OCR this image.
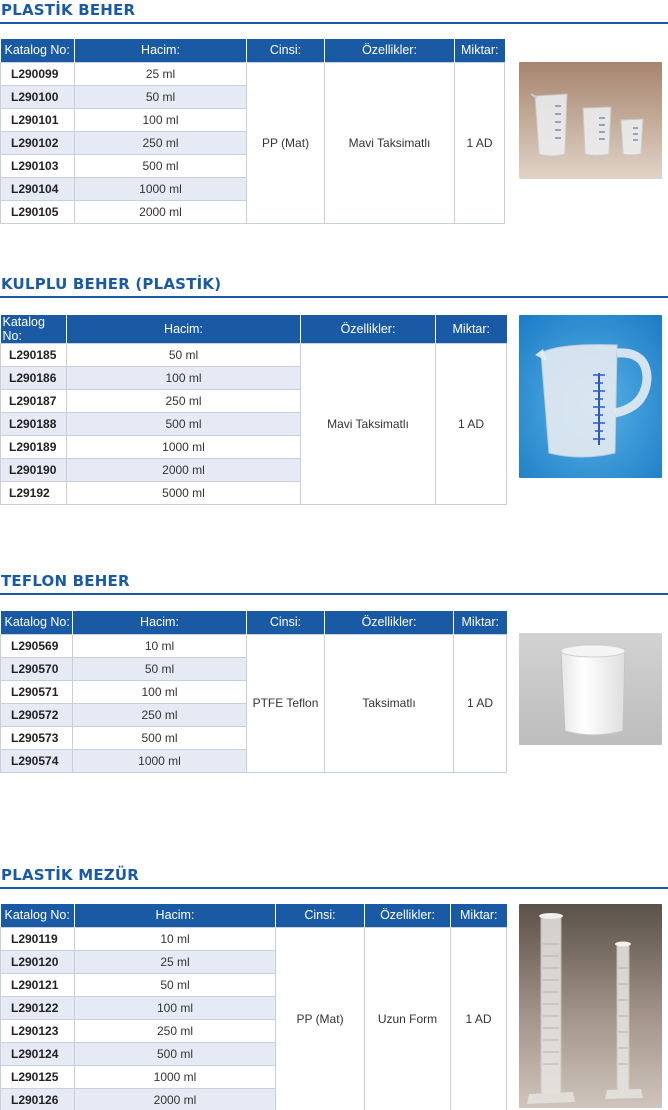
PLASTİK BEHER
Katalog No:	Hacim:	Cinsi:	Özellikler:	Miktar:
L290099	25 ml	PP (Mat)	Mavi Taksimatlı	1 AD
L290100	50 ml			
L290101	100 ml			
L290102	250 ml			
L290103	500 ml			
L290104	1000 ml			
L290105	2000 ml			
KULPLU BEHER (PLASTİK)
Katalog No:	Hacim:	Özellikler:	Miktar:
L290185	50 ml	Mavi Taksimatlı	1 AD
L290186	100 ml		
L290187	250 ml		
L290188	500 ml		
L290189	1000 ml		
L290190	2000 ml		
L29192	5000 ml		
TEFLON BEHER
Katalog No:	Hacim:	Cinsi:	Özellikler:	Miktar:
L290569	10 ml	PTFE Teflon	Taksimatlı	1 AD
L290570	50 ml			
L290571	100 ml			
L290572	250 ml			
L290573	500 ml			
L290574	1000 ml			
PLASTİK MEZÜR
Katalog No:	Hacim:	Cinsi:	Özellikler:	Miktar:
L290119	10 ml	PP (Mat)	Uzun Form	1 AD
L290120	25 ml			
L290121	50 ml			
L290122	100 ml			
L290123	250 ml			
L290124	500 ml			
L290125	1000 ml			
L290126	2000 ml			
